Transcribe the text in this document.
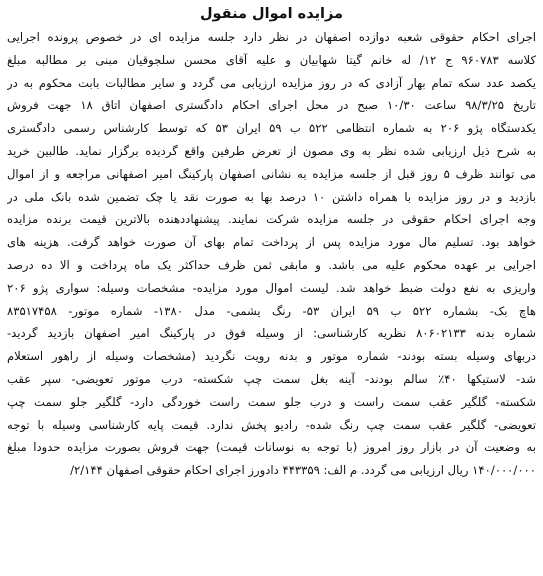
مزایده اموال منقول
اجرای احکام حقوقی شعبه دوازده اصفهان در نظر دارد جلسه مزایده ای در خصوص پرونده اجرایی
کلاسه ۹۶۰۷۸۳ ج ۱۲/ له خانم گیتا شهابیان و علیه آقای محسن سلجوقیان مبنی بر مطالبه مبلغ
یکصد عدد سکه تمام بهار آزادی که در روز مزایده ارزیابی می گردد و سایر مطالبات بابت محکوم به در
تاریخ ۹۸/۳/۲۵ ساعت ۱۰/۳۰ صبح در محل اجرای احکام دادگستری اصفهان اتاق ۱۸ جهت فروش
یکدستگاه پژو ۲۰۶ به شماره انتظامی ۵۲۲ ب ۵۹ ایران ۵۳ که توسط کارشناس رسمی دادگستری
به شرح ذیل ارزیابی شده نظر به وی مصون از تعرض طرفین واقع گردیده برگزار نماید. طالبین خرید
می توانند ظرف ۵ روز قبل از جلسه مزایده به نشانی اصفهان پارکینگ امیر اصفهانی مراجعه و از اموال
بازدید و در روز مزایده با همراه داشتن ۱۰ درصد بها به صورت نقد یا چک تضمین شده بانک ملی در
وجه اجرای احکام حقوقی در جلسه مزایده شرکت نمایند. پیشنهاددهنده بالاترین قیمت برنده مزایده
خواهد بود. تسلیم مال مورد مزایده پس از پرداخت تمام بهای آن صورت خواهد گرفت. هزینه های
اجرایی بر عهده محکوم علیه می باشد. و مابقی ثمن ظرف حداکثر یک ماه پرداخت و الا ده درصد
واریزی به نفع دولت ضبط خواهد شد. لیست اموال مورد مزایده- مشخصات وسیله: سواری پژو ۲۰۶
هاچ بک- بشماره ۵۲۲ ب ۵۹ ایران ۵۳- رنگ یشمی- مدل ۱۳۸۰- شماره موتور- ۸۳۵۱۷۴۵۸
شماره بدنه ۸۰۶۰۲۱۳۳ نظریه کارشناسی: از وسیله فوق در پارکینگ امیر اصفهان بازدید گردید-
دربهای وسیله بسته بودند- شماره موتور و بدنه رویت نگردید (مشخصات وسیله از راهور استعلام
شد- لاستیکها ۴۰٪ سالم بودند- آینه بغل سمت چپ شکسته- درب موتور تعویضی- سپر عقب
شکسته- گلگیر عقب سمت راست و درب جلو سمت راست خوردگی دارد- گلگیر جلو سمت چپ
تعویضی- گلگیر عقب سمت چپ رنگ شده- رادیو پخش ندارد. قیمت پایه کارشناسی وسیله با توجه
به وضعیت آن در بازار روز امروز (با توجه به نوسانات قیمت) جهت فروش بصورت مزایده حدودا مبلغ
۱۴۰/۰۰۰/۰۰۰ ریال ارزیابی می گردد. م الف: ۴۴۳۳۵۹ دادورز اجرای احکام حقوقی اصفهان ۲/۱۴۴/
